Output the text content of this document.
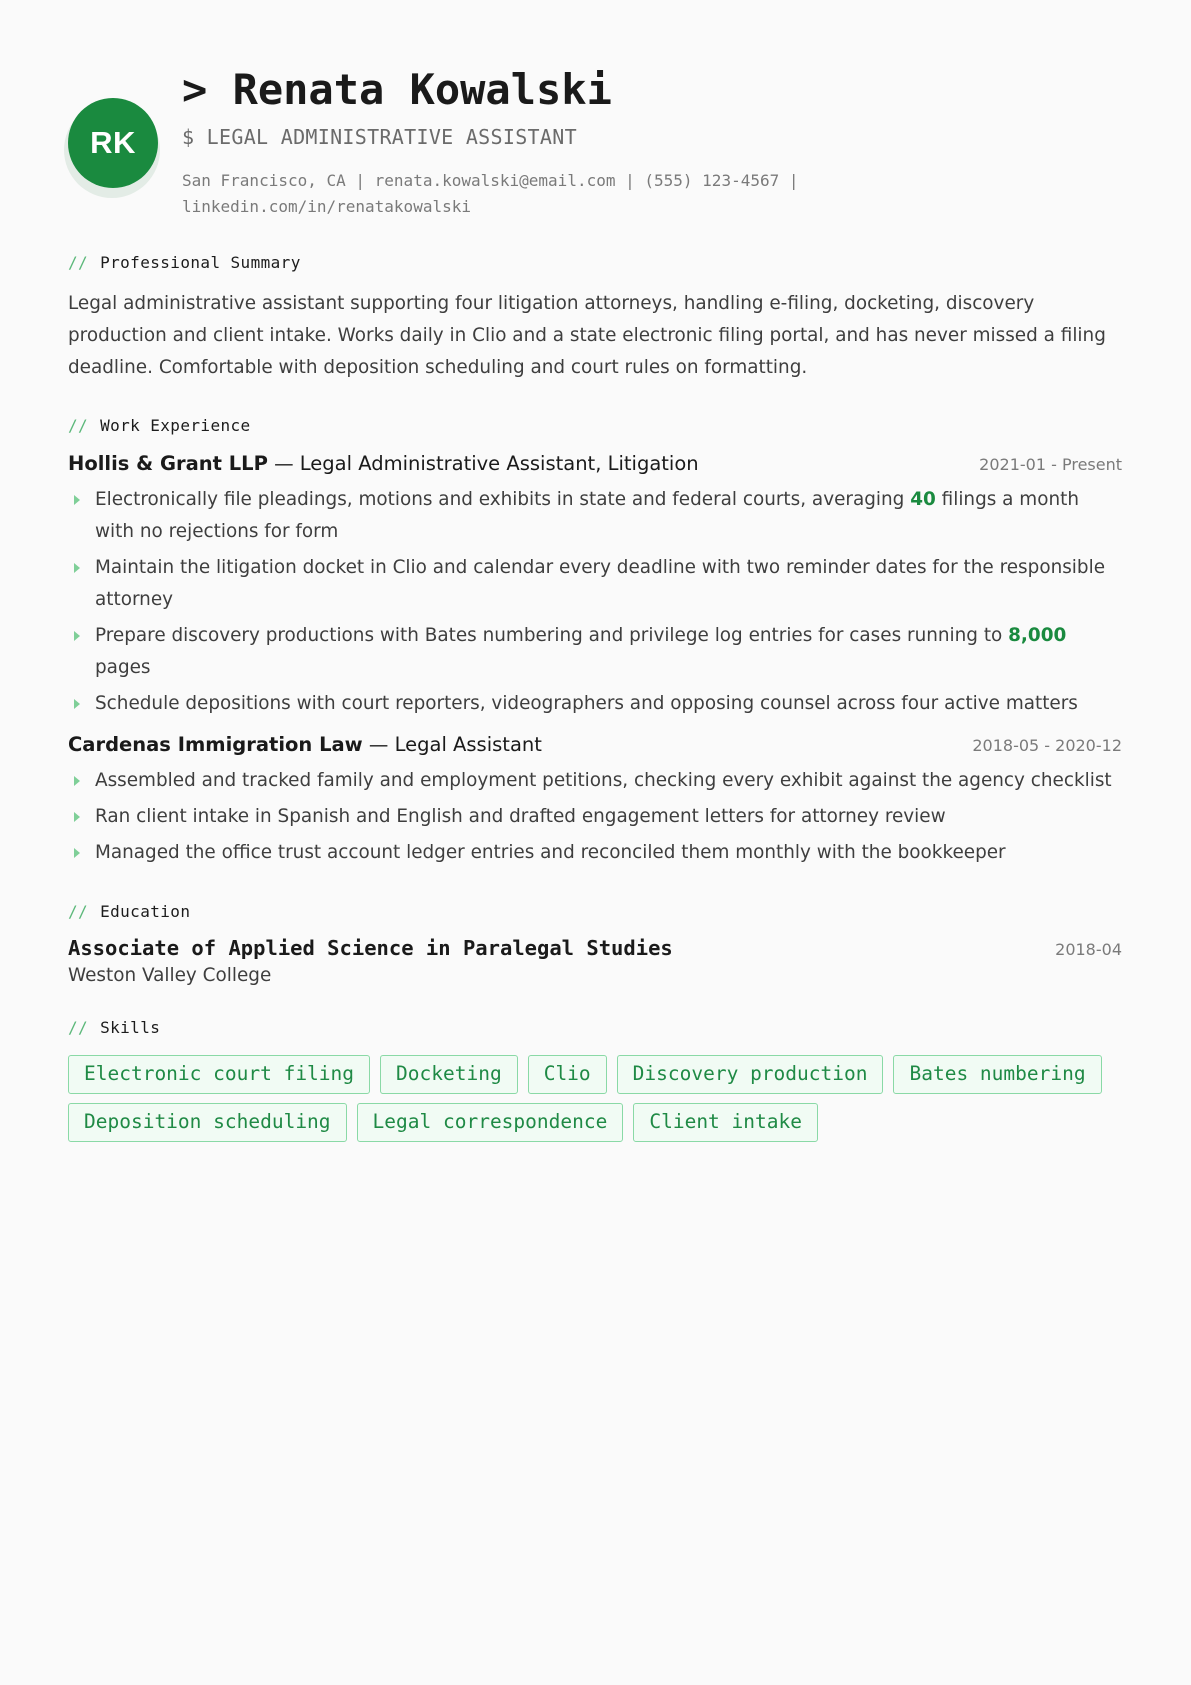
RK
> Renata Kowalski
$ LEGAL ADMINISTRATIVE ASSISTANT
San Francisco, CA | renata.kowalski@email.com | (555) 123-4567 | linkedin.com/in/renatakowalski
// Professional Summary

Legal administrative assistant supporting four litigation attorneys, handling e-filing, docketing, discovery production and client intake. Works daily in Clio and a state electronic filing portal, and has never missed a filing deadline. Comfortable with deposition scheduling and court rules on formatting.

// Work Experience
Hollis & Grant LLP — Legal Administrative Assistant, Litigation	2021-01 - Present
Electronically file pleadings, motions and exhibits in state and federal courts, averaging 40 filings a month with no rejections for form
Maintain the litigation docket in Clio and calendar every deadline with two reminder dates for the responsible attorney
Prepare discovery productions with Bates numbering and privilege log entries for cases running to 8,000 pages
Schedule depositions with court reporters, videographers and opposing counsel across four active matters
Cardenas Immigration Law — Legal Assistant	2018-05 - 2020-12
Assembled and tracked family and employment petitions, checking every exhibit against the agency checklist
Ran client intake in Spanish and English and drafted engagement letters for attorney review
Managed the office trust account ledger entries and reconciled them monthly with the bookkeeper
// Education
Associate of Applied Science in Paralegal Studies	2018-04
Weston Valley College
// Skills
Electronic court filing	Docketing	Clio	Discovery production	Bates numbering
Deposition scheduling	Legal correspondence	Client intake
